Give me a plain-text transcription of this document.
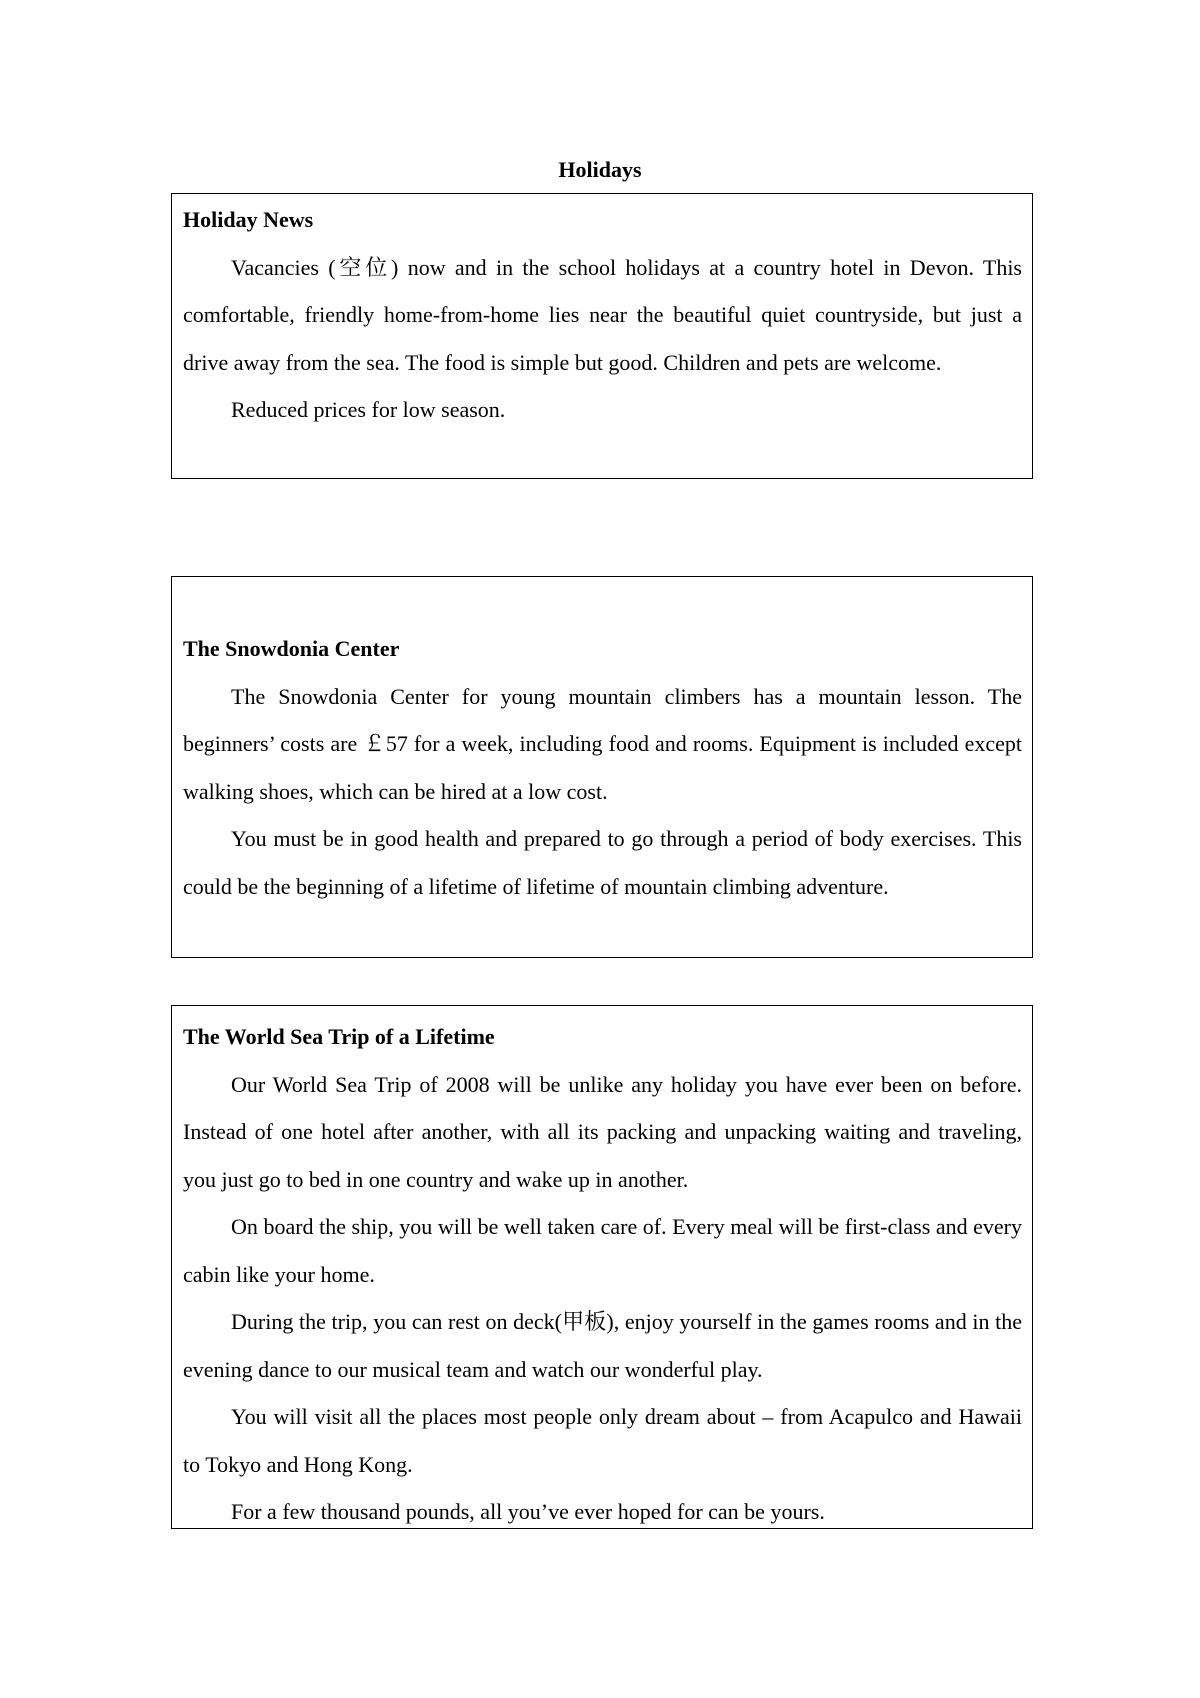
Holidays

Holiday News

Vacancies (空位) now and in the school holidays at a country hotel in Devon. This comfortable, friendly home-from-home lies near the beautiful quiet countryside, but just a drive away from the sea. The food is simple but good. Children and pets are welcome.

Reduced prices for low season.

The Snowdonia Center

The Snowdonia Center for young mountain climbers has a mountain lesson. The beginners’ costs are ￡57 for a week, including food and rooms. Equipment is included except walking shoes, which can be hired at a low cost.

You must be in good health and prepared to go through a period of body exercises. This could be the beginning of a lifetime of lifetime of mountain climbing adventure.

The World Sea Trip of a Lifetime

Our World Sea Trip of 2008 will be unlike any holiday you have ever been on before. Instead of one hotel after another, with all its packing and unpacking waiting and traveling, you just go to bed in one country and wake up in another.

On board the ship, you will be well taken care of. Every meal will be first-class and every cabin like your home.

During the trip, you can rest on deck(甲板), enjoy yourself in the games rooms and in the evening dance to our musical team and watch our wonderful play.

You will visit all the places most people only dream about – from Acapulco and Hawaii to Tokyo and Hong Kong.

For a few thousand pounds, all you’ve ever hoped for can be yours.
